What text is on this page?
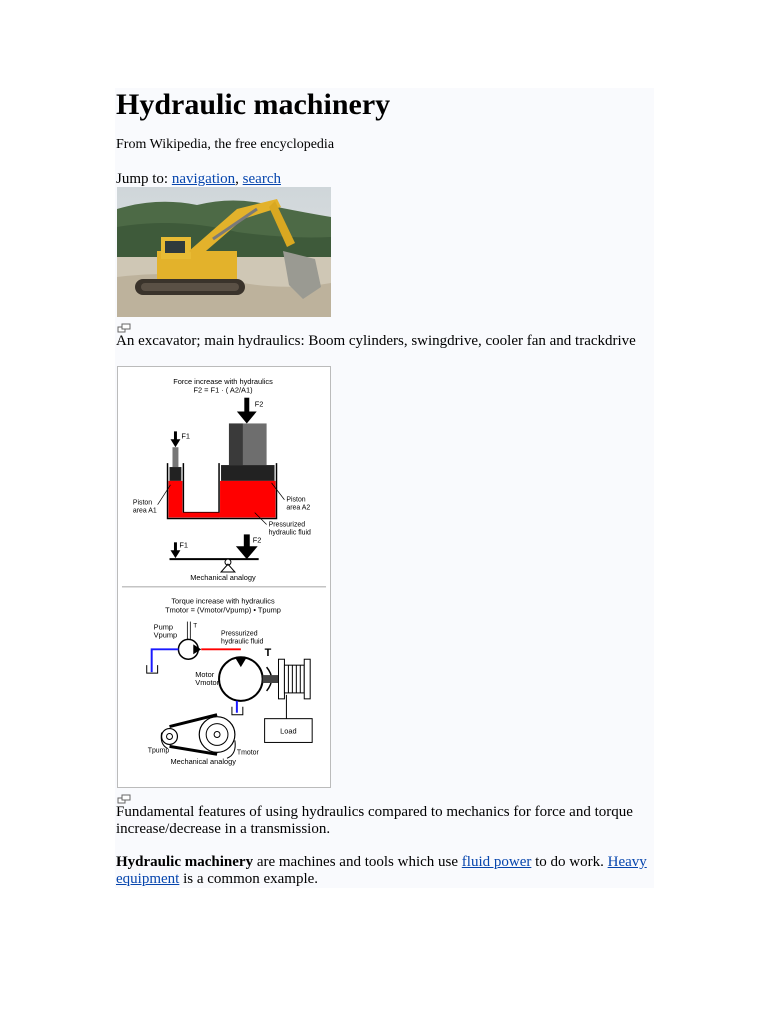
Hydraulic machinery
From Wikipedia, the free encyclopedia
Jump to: navigation, search
An excavator; main hydraulics: Boom cylinders, swingdrive, cooler fan and trackdrive
Force increase with hydraulics
F2 = F1 · ( A2/A1)
F2
F1
Piston
area A1
Piston
area A2
Pressurized
hydraulic fluid
F1
F2
Mechanical analogy
Torque increase with hydraulics
Tmotor = (Vmotor/Vpump) • Tpump
Pump
Vpump
T
Pressurized
hydraulic fluid
T
Motor
Vmotor
Load
Tpump	Tmotor
Mechanical analogy
Fundamental features of using hydraulics compared to mechanics for force and torque increase/decrease in a transmission.
Hydraulic machinery are machines and tools which use fluid power to do work. Heavy equipment is a common example.
